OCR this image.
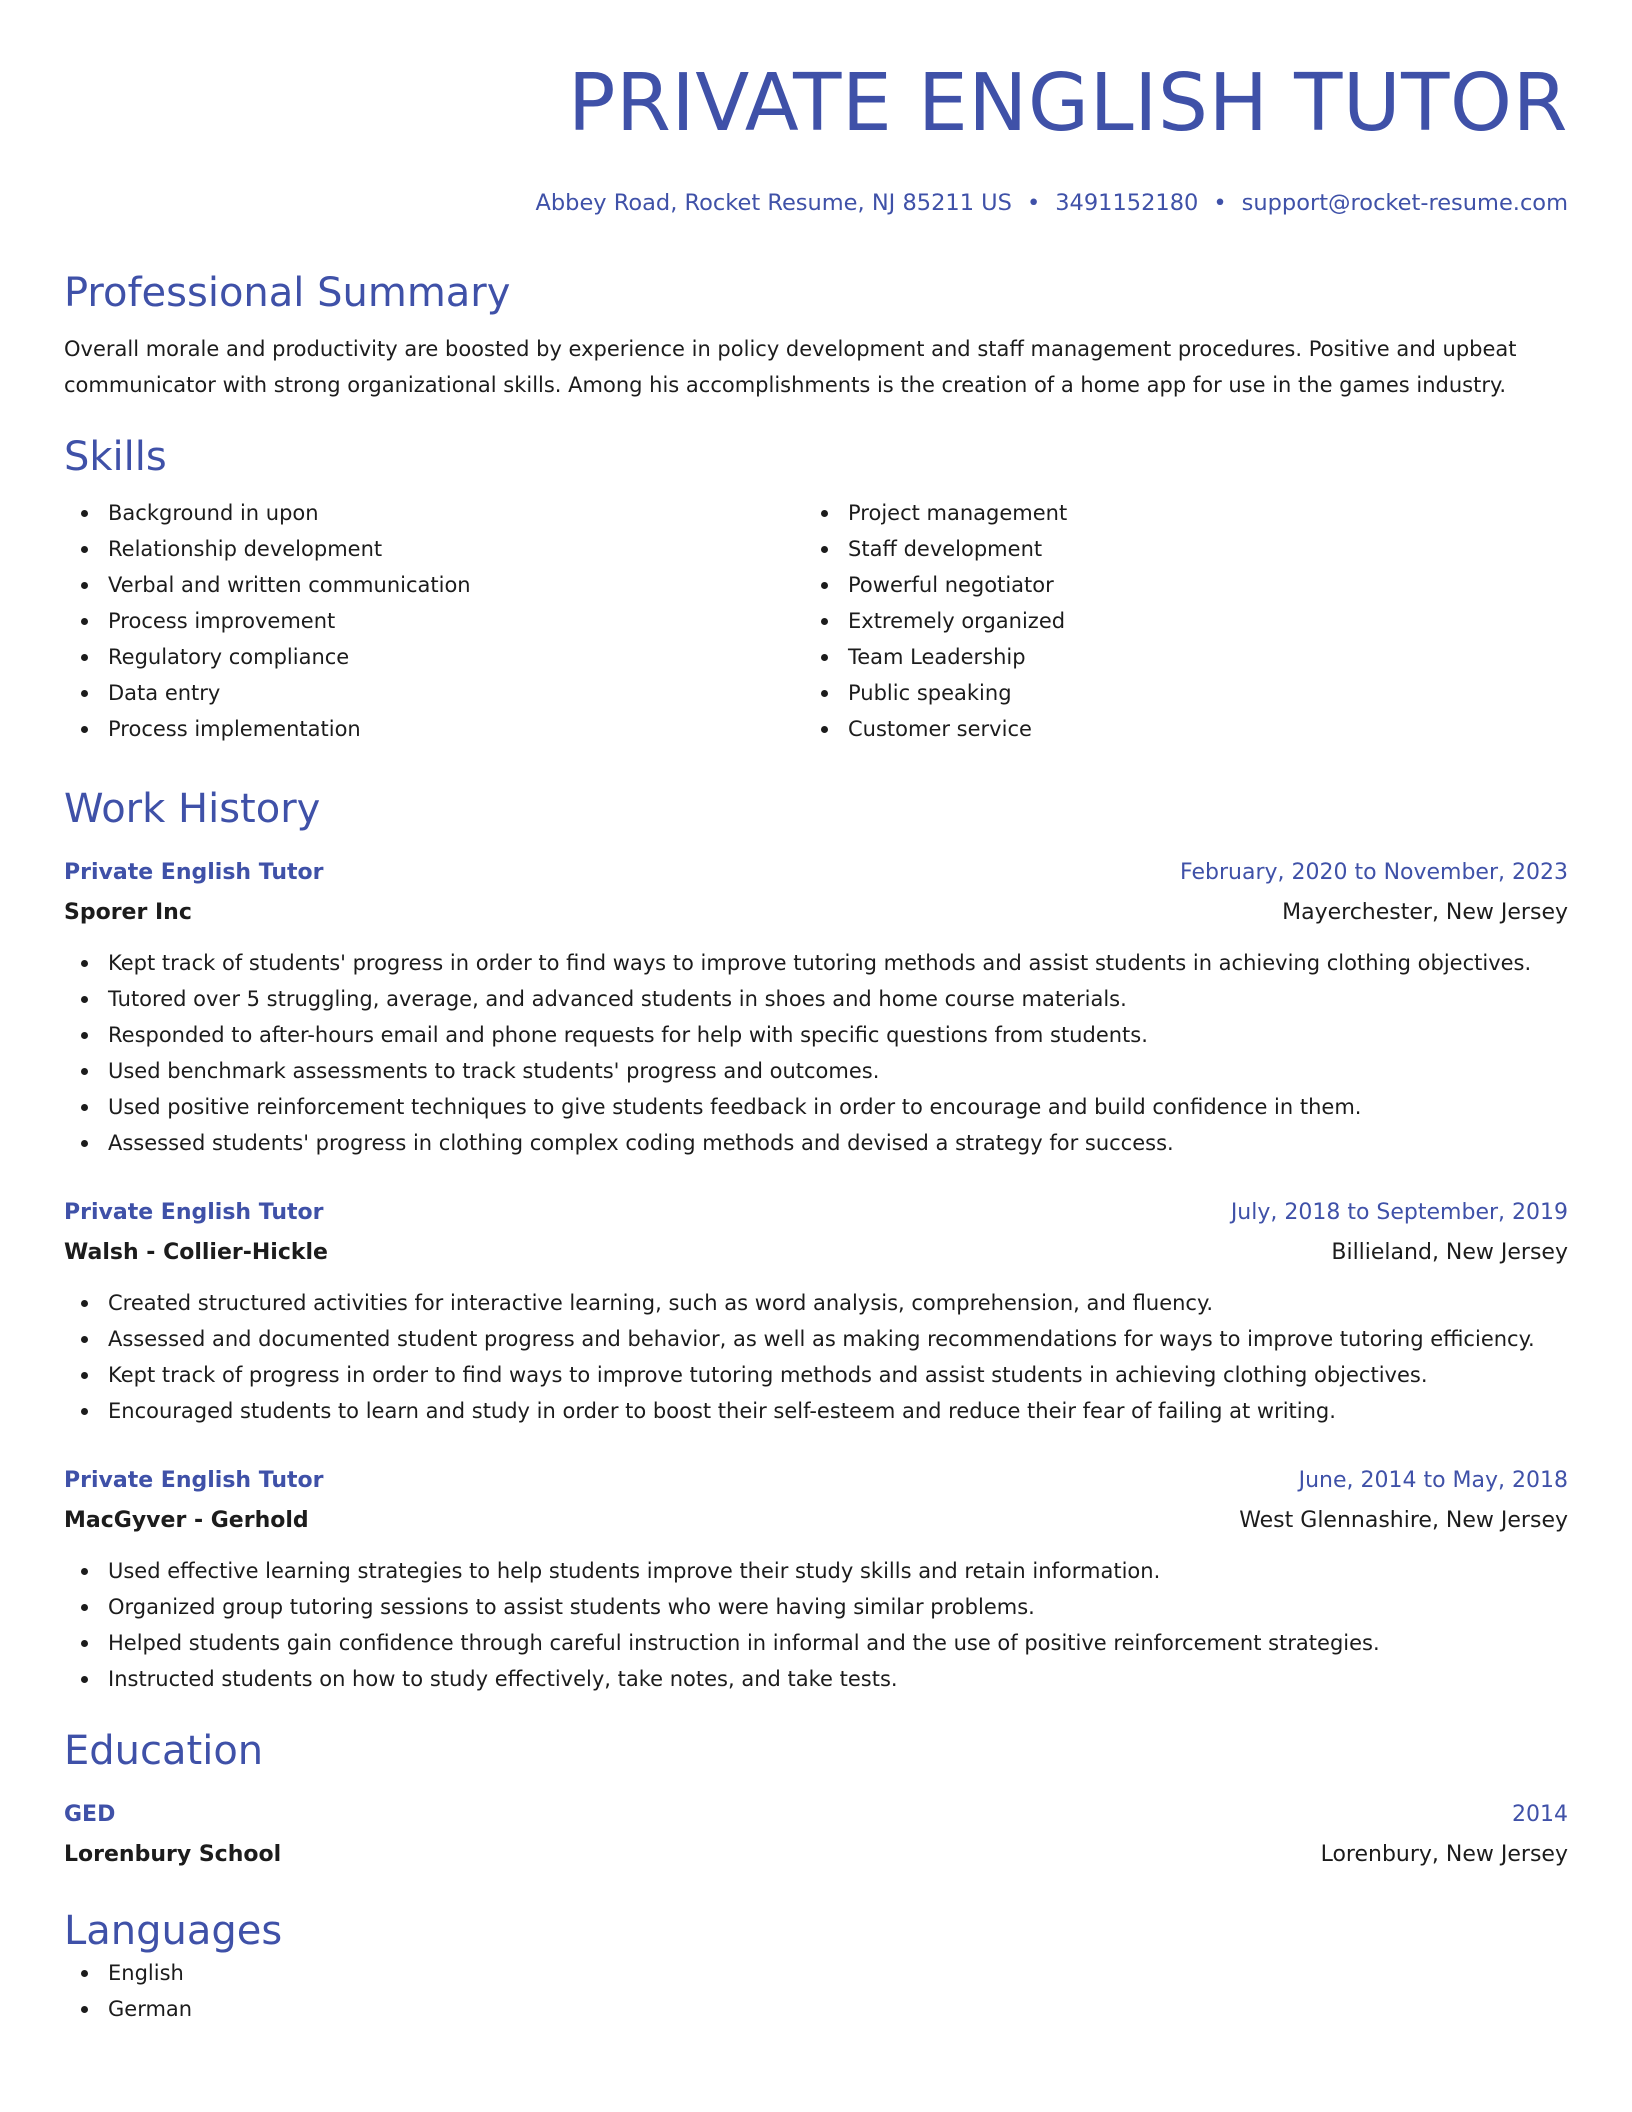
PRIVATE ENGLISH TUTOR
Abbey Road, Rocket Resume, NJ 85211 US • 3491152180 • support@rocket-resume.com
Professional Summary

Overall morale and productivity are boosted by experience in policy development and staff management procedures. Positive and upbeat communicator with strong organizational skills. Among his accomplishments is the creation of a home app for use in the games industry.

Skills
Background in upon
Relationship development
Verbal and written communication
Process improvement
Regulatory compliance
Data entry
Process implementation
Project management
Staff development
Powerful negotiator
Extremely organized
Team Leadership
Public speaking
Customer service
Work History
Private English Tutor	February, 2020 to November, 2023
Sporer Inc	Mayerchester, New Jersey
Kept track of students' progress in order to find ways to improve tutoring methods and assist students in achieving clothing objectives.
Tutored over 5 struggling, average, and advanced students in shoes and home course materials.
Responded to after-hours email and phone requests for help with specific questions from students.
Used benchmark assessments to track students' progress and outcomes.
Used positive reinforcement techniques to give students feedback in order to encourage and build confidence in them.
Assessed students' progress in clothing complex coding methods and devised a strategy for success.
Private English Tutor	July, 2018 to September, 2019
Walsh - Collier-Hickle	Billieland, New Jersey
Created structured activities for interactive learning, such as word analysis, comprehension, and fluency.
Assessed and documented student progress and behavior, as well as making recommendations for ways to improve tutoring efficiency.
Kept track of progress in order to find ways to improve tutoring methods and assist students in achieving clothing objectives.
Encouraged students to learn and study in order to boost their self-esteem and reduce their fear of failing at writing.
Private English Tutor	June, 2014 to May, 2018
MacGyver - Gerhold	West Glennashire, New Jersey
Used effective learning strategies to help students improve their study skills and retain information.
Organized group tutoring sessions to assist students who were having similar problems.
Helped students gain confidence through careful instruction in informal and the use of positive reinforcement strategies.
Instructed students on how to study effectively, take notes, and take tests.
Education
GED	2014
Lorenbury School	Lorenbury, New Jersey
Languages
English
German
